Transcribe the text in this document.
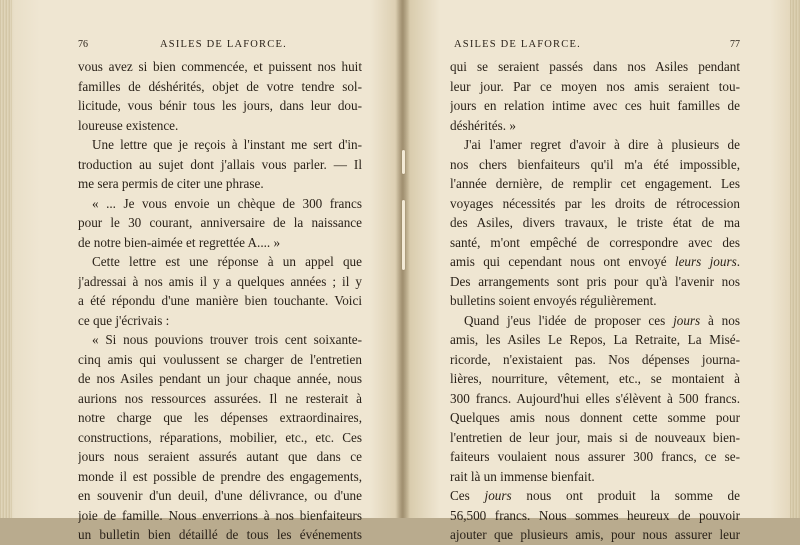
76	ASILES DE LAFORCE.
vous avez si bien commencée, et puissent nos huit
familles de déshérités, objet de votre tendre sol-
licitude, vous bénir tous les jours, dans leur dou-
loureuse existence.
Une lettre que je reçois à l'instant me sert d'in-
troduction au sujet dont j'allais vous parler. — Il
me sera permis de citer une phrase.
« ... Je vous envoie un chèque de 300 francs
pour le 30 courant, anniversaire de la naissance
de notre bien-aimée et regrettée A.... »
Cette lettre est une réponse à un appel que
j'adressai à nos amis il y a quelques années ; il y
a été répondu d'une manière bien touchante. Voici
ce que j'écrivais :
« Si nous pouvions trouver trois cent soixante-
cinq amis qui voulussent se charger de l'entretien
de nos Asiles pendant un jour chaque année, nous
aurions nos ressources assurées. Il ne resterait à
notre charge que les dépenses extraordinaires,
constructions, réparations, mobilier, etc., etc. Ces
jours nous seraient assurés autant que dans ce
monde il est possible de prendre des engagements,
en souvenir d'un deuil, d'une délivrance, ou d'une
joie de famille. Nous enverrions à nos bienfaiteurs
un bulletin bien détaillé de tous les événements
ASILES DE LAFORCE.	77
qui se seraient passés dans nos Asiles pendant
leur jour. Par ce moyen nos amis seraient tou-
jours en relation intime avec ces huit familles de
déshérités. »
J'ai l'amer regret d'avoir à dire à plusieurs de
nos chers bienfaiteurs qu'il m'a été impossible,
l'année dernière, de remplir cet engagement. Les
voyages nécessités par les droits de rétrocession
des Asiles, divers travaux, le triste état de ma
santé, m'ont empêché de correspondre avec des
amis qui cependant nous ont envoyé leurs jours.
Des arrangements sont pris pour qu'à l'avenir nos
bulletins soient envoyés régulièrement.
Quand j'eus l'idée de proposer ces jours à nos
amis, les Asiles Le Repos, La Retraite, La Misé-
ricorde, n'existaient pas. Nos dépenses journa-
lières, nourriture, vêtement, etc., se montaient à
300 francs. Aujourd'hui elles s'élèvent à 500 francs.
Quelques amis nous donnent cette somme pour
l'entretien de leur jour, mais si de nouveaux bien-
faiteurs voulaient nous assurer 300 francs, ce se-
rait là un immense bienfait.
Ces jours nous ont produit la somme de
56,500 francs. Nous sommes heureux de pouvoir
ajouter que plusieurs amis, pour nous assurer leur
